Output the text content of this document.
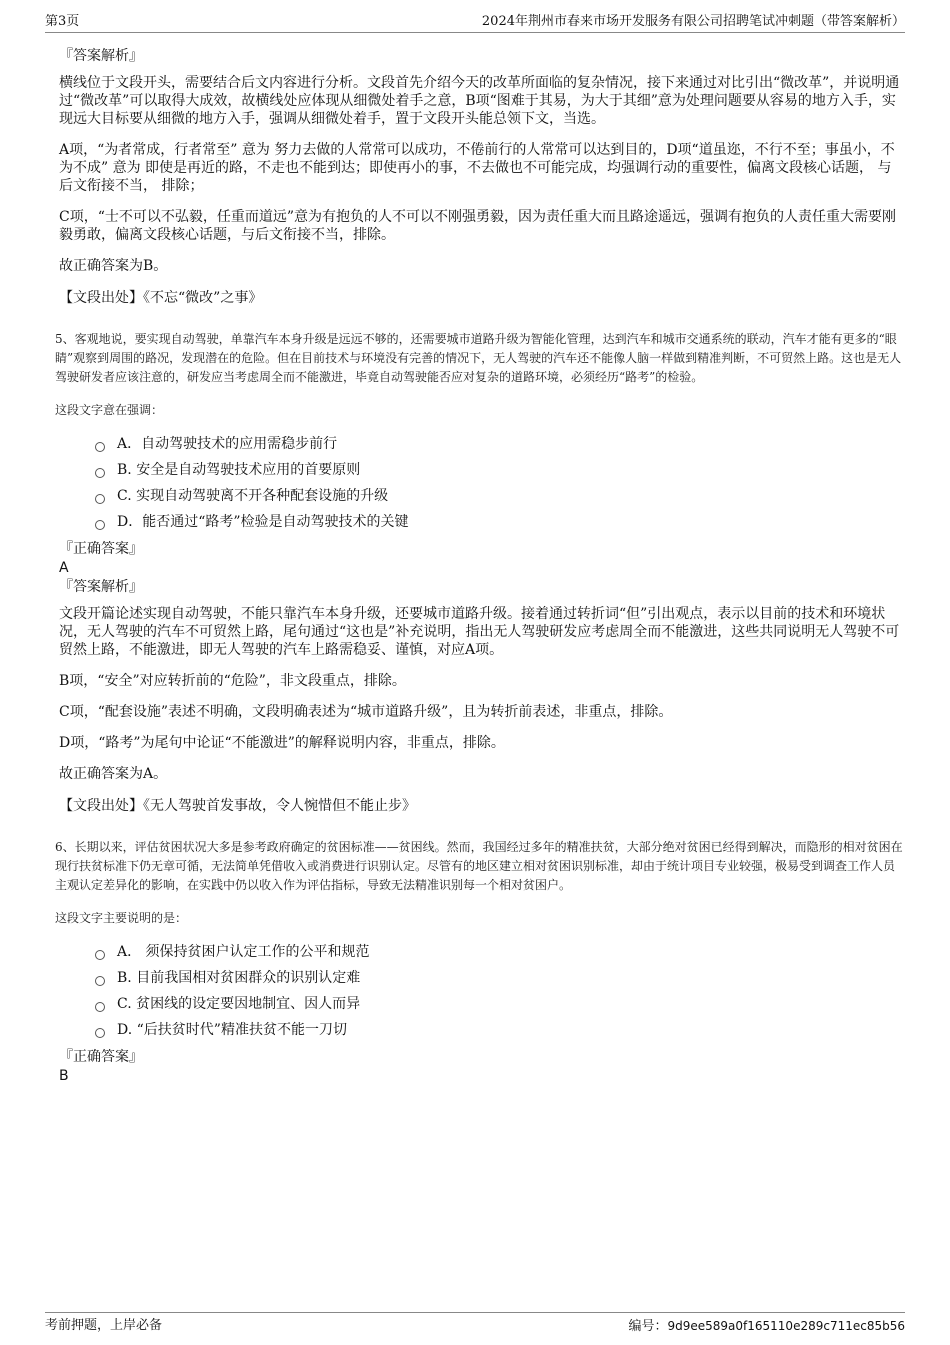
第3页	2024年荆州市春来市场开发服务有限公司招聘笔试冲刺题（带答案解析）
『答案解析』

横线位于文段开头，需要结合后文内容进行分析。文段首先介绍今天的改革所面临的复杂情况，接下来通过对比引出“微改革”，并说明通过“微改革”可以取得大成效，故横线处应体现从细微处着手之意，B项“图难于其易，为大于其细”意为处理问题要从容易的地方入手，实现远大目标要从细微的地方入手，强调从细微处着手，置于文段开头能总领下文，当选。

A项，“为者常成，行者常至” 意为 努力去做的人常常可以成功，不倦前行的人常常可以达到目的，D项“道虽迩，不行不至；事虽小，不为不成” 意为 即使是再近的路，不走也不能到达；即使再小的事，不去做也不可能完成，均强调行动的重要性，偏离文段核心话题， 与后文衔接不当， 排除；

C项，“士不可以不弘毅，任重而道远”意为有抱负的人不可以不刚强勇毅，因为责任重大而且路途遥远，强调有抱负的人责任重大需要刚毅勇敢，偏离文段核心话题，与后文衔接不当，排除。

故正确答案为B。

【文段出处】《不忘“微改”之事》
5、客观地说，要实现自动驾驶，单靠汽车本身升级是远远不够的，还需要城市道路升级为智能化管理，达到汽车和城市交通系统的联动，汽车才能有更多的“眼睛”观察到周围的路况，发现潜在的危险。但在目前技术与环境没有完善的情况下，无人驾驶的汽车还不能像人脑一样做到精准判断，不可贸然上路。这也是无人驾驶研发者应该注意的，研发应当考虑周全而不能激进，毕竟自动驾驶能否应对复杂的道路环境，必须经历“路考”的检验。
这段文字意在强调：
A．自动驾驶技术的应用需稳步前行
B. 安全是自动驾驶技术应用的首要原则
C. 实现自动驾驶离不开各种配套设施的升级
D．能否通过“路考”检验是自动驾驶技术的关键
『正确答案』
A
『答案解析』

文段开篇论述实现自动驾驶，不能只靠汽车本身升级，还要城市道路升级。接着通过转折词“但”引出观点，表示以目前的技术和环境状况，无人驾驶的汽车不可贸然上路，尾句通过“这也是”补充说明，指出无人驾驶研发应考虑周全而不能激进，这些共同说明无人驾驶不可贸然上路，不能激进，即无人驾驶的汽车上路需稳妥、谨慎，对应A项。

B项，“安全”对应转折前的“危险”，非文段重点，排除。

C项，“配套设施”表述不明确，文段明确表述为“城市道路升级”，且为转折前表述，非重点，排除。

D项，“路考”为尾句中论证“不能激进”的解释说明内容，非重点，排除。

故正确答案为A。

【文段出处】《无人驾驶首发事故，令人惋惜但不能止步》
6、长期以来，评估贫困状况大多是参考政府确定的贫困标准——贫困线。然而，我国经过多年的精准扶贫，大部分绝对贫困已经得到解决，而隐形的相对贫困在现行扶贫标准下仍无章可循，无法简单凭借收入或消费进行识别认定。尽管有的地区建立相对贫困识别标准，却由于统计项目专业较强，极易受到调查工作人员主观认定差异化的影响，在实践中仍以收入作为评估指标，导致无法精准识别每一个相对贫困户。
这段文字主要说明的是：
A． 须保持贫困户认定工作的公平和规范
B. 目前我国相对贫困群众的识别认定难
C. 贫困线的设定要因地制宜、因人而异
D. “后扶贫时代”精准扶贫不能一刀切
『正确答案』
B
考前押题，上岸必备	编号：9d9ee589a0f165110e289c711ec85b56
